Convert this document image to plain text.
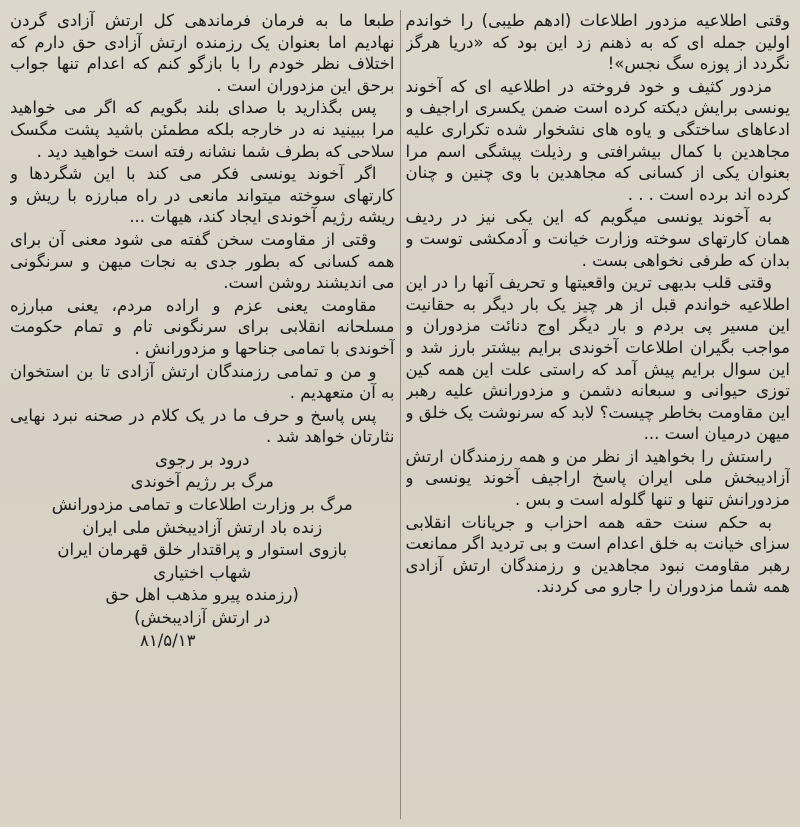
وقتی اطلاعیه مزدور اطلاعات (ادهم طیبی) را خواندم اولین جمله ای که به ذهنم زد این بود که «دریا هرگز نگردد از پوزه سگ نجس»!

مزدور کثیف و خود فروخته در اطلاعیه ای که آخوند یونسی برایش دیکته کرده است ضمن یکسری اراجیف و ادعاهای ساختگی و یاوه های نشخوار شده تکراری علیه مجاهدین با کمال بیشرافتی و رذیلت پیشگی اسم مرا بعنوان یکی از کسانی که مجاهدین با وی چنین و چنان کرده اند برده است . . .

به آخوند یونسی میگویم که این یکی نیز در ردیف همان کارتهای سوخته وزارت خیانت و آدمکشی توست و بدان که طرفی نخواهی بست .

وقتی قلب بدیهی ترین واقعیتها و تحریف آنها را در این اطلاعیه خواندم قبل از هر چیز یک بار دیگر به حقانیت این مسیر پی بردم و بار دیگر اوج دنائت مزدوران و مواجب بگیران اطلاعات آخوندی برایم بیشتر بارز شد و این سوال برایم پیش آمد که راستی علت این همه کین توزی حیوانی و سبعانه دشمن و مزدورانش علیه رهبر این مقاومت بخاطر چیست؟ لابد که سرنوشت یک خلق و میهن درمیان است ...

راستش را بخواهید از نظر من و همه رزمندگان ارتش آزادیبخش ملی ایران پاسخ اراجیف آخوند یونسی و مزدورانش تنها و تنها گلوله است و بس .

به حکم سنت حقه همه احزاب و جریانات انقلابی سزای خیانت به خلق اعدام است و بی تردید اگر ممانعت رهبر مقاومت نبود مجاهدین و رزمندگان ارتش آزادی همه شما مزدوران را جارو می کردند.

طبعا ما به فرمان فرماندهی کل ارتش آزادی گردن نهادیم اما بعنوان یک رزمنده ارتش آزادی حق دارم که اختلاف نظر خودم را با بازگو کنم که اعدام تنها جواب برحق این مزدوران است .

پس بگذارید با صدای بلند بگویم که اگر می خواهید مرا ببینید نه در خارجه بلکه مطمئن باشید پشت مگسک سلاحی که بطرف شما نشانه رفته است خواهید دید .

اگر آخوند یونسی فکر می کند با این شگردها و کارتهای سوخته میتواند مانعی در راه مبارزه با ریش و ریشه رژیم آخوندی ایجاد کند، هیهات ...

وقتی از مقاومت سخن گفته می شود معنی آن برای همه کسانی که بطور جدی به نجات میهن و سرنگونی می اندیشند روشن است.

مقاومت یعنی عزم و اراده مردم، یعنی مبارزه مسلحانه انقلابی برای سرنگونی تام و تمام حکومت آخوندی با تمامی جناحها و مزدورانش .

و من و تمامی رزمندگان ارتش آزادی تا بن استخوان به آن متعهدیم .

پس پاسخ و حرف ما در یک کلام در صحنه نبرد نهایی نثارتان خواهد شد .

درود بر رجوی

مرگ بر رژیم آخوندی

مرگ بر وزارت اطلاعات و تمامی مزدورانش

زنده باد ارتش آزادیبخش ملی ایران

بازوی استوار و پراقتدار خلق قهرمان ایران

شهاب اختیاری

(رزمنده پیرو مذهب اهل حق

در ارتش آزادیبخش)

۸۱/۵/۱۳
